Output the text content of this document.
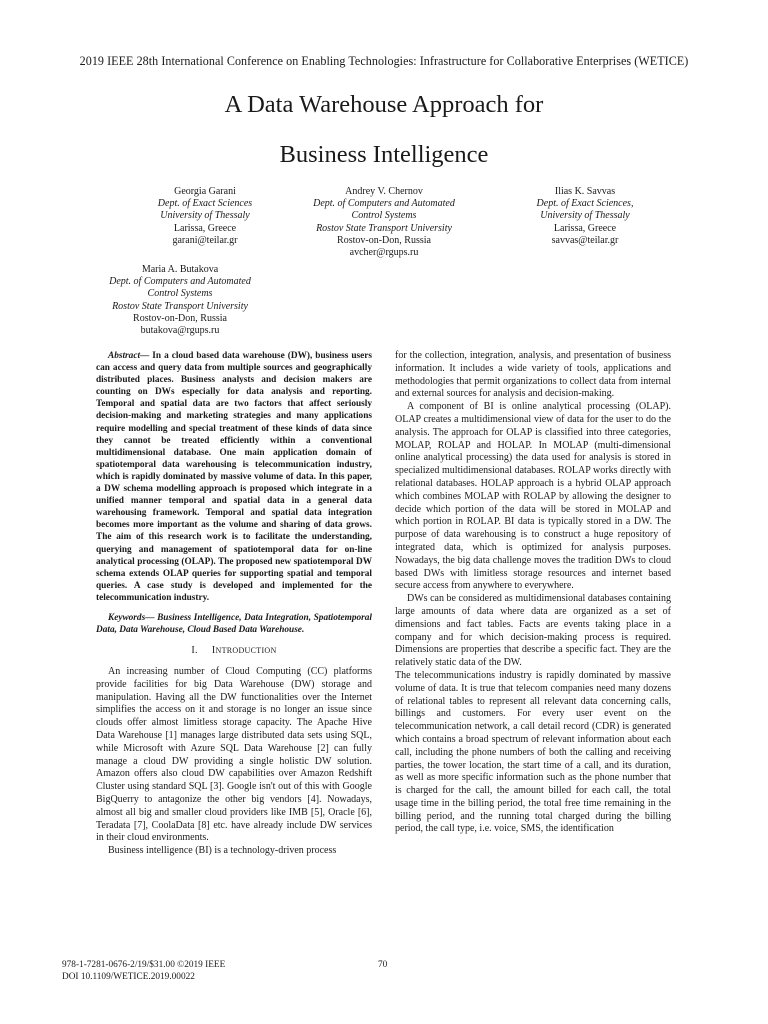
2019 IEEE 28th International Conference on Enabling Technologies: Infrastructure for Collaborative Enterprises (WETICE)
A Data Warehouse Approach for
Business Intelligence
Georgia Garani
Dept. of Exact Sciences
University of Thessaly
Larissa, Greece
garani@teilar.gr
Andrey V. Chernov
Dept. of Computers and Automated
Control Systems
Rostov State Transport University
Rostov-on-Don, Russia
avcher@rgups.ru
Ilias K. Savvas
Dept. of Exact Sciences,
University of Thessaly
Larissa, Greece
savvas@teilar.gr
Maria A. Butakova
Dept. of Computers and Automated
Control Systems
Rostov State Transport University
Rostov-on-Don, Russia
butakova@rgups.ru

Abstract— In a cloud based data warehouse (DW), business users can access and query data from multiple sources and geographically distributed places. Business analysts and decision makers are counting on DWs especially for data analysis and reporting. Temporal and spatial data are two factors that affect seriously decision-making and marketing strategies and many applications require modelling and special treatment of these kinds of data since they cannot be treated efficiently within a conventional multidimensional database. One main application domain of spatiotemporal data warehousing is telecommunication industry, which is rapidly dominated by massive volume of data. In this paper, a DW schema modelling approach is proposed which integrate in a unified manner temporal and spatial data in a general data warehousing framework. Temporal and spatial data integration becomes more important as the volume and sharing of data grows. The aim of this research work is to facilitate the understanding, querying and management of spatiotemporal data for on-line analytical processing (OLAP). The proposed new spatiotemporal DW schema extends OLAP queries for supporting spatial and temporal queries. A case study is developed and implemented for the telecommunication industry.

Keywords— Business Intelligence, Data Integration, Spatiotemporal Data, Data Warehouse, Cloud Based Data Warehouse.

I. INTRODUCTION

An increasing number of Cloud Computing (CC) platforms provide facilities for big Data Warehouse (DW) storage and manipulation. Having all the DW functionalities over the Internet simplifies the access on it and storage is no longer an issue since clouds offer almost limitless storage capacity. The Apache Hive Data Warehouse [1] manages large distributed data sets using SQL, while Microsoft with Azure SQL Data Warehouse [2] can fully manage a cloud DW providing a single holistic DW solution. Amazon offers also cloud DW capabilities over Amazon Redshift Cluster using standard SQL [3]. Google isn't out of this with Google BigQuerry to antagonize the other big vendors [4]. Nowadays, almost all big and smaller cloud providers like IMB [5], Oracle [6], Teradata [7], CoolaData [8] etc. have already include DW services in their cloud environments.

Business intelligence (BI) is a technology-driven process

for the collection, integration, analysis, and presentation of business information. It includes a wide variety of tools, applications and methodologies that permit organizations to collect data from internal and external sources for analysis and decision-making.

A component of BI is online analytical processing (OLAP). OLAP creates a multidimensional view of data for the user to do the analysis. The approach for OLAP is classified into three categories, MOLAP, ROLAP and HOLAP. In MOLAP (multi-dimensional online analytical processing) the data used for analysis is stored in specialized multidimensional databases. ROLAP works directly with relational databases. HOLAP approach is a hybrid OLAP approach which combines MOLAP with ROLAP by allowing the designer to decide which portion of the data will be stored in MOLAP and which portion in ROLAP. BI data is typically stored in a DW. The purpose of data warehousing is to construct a huge repository of integrated data, which is optimized for analysis purposes. Nowadays, the big data challenge moves the tradition DWs to cloud based DWs with limitless storage resources and internet based secure access from anywhere to everywhere.

DWs can be considered as multidimensional databases containing large amounts of data where data are organized as a set of dimensions and fact tables. Facts are events taking place in a company and for which decision-making process is required. Dimensions are properties that describe a specific fact. They are the relatively static data of the DW.

The telecommunications industry is rapidly dominated by massive volume of data. It is true that telecom companies need many dozens of relational tables to represent all relevant data concerning calls, billings and customers. For every user event on the telecommunication network, a call detail record (CDR) is generated which contains a broad spectrum of relevant information about each call, including the phone numbers of both the calling and receiving parties, the tower location, the start time of a call, and its duration, as well as more specific information such as the phone number that is charged for the call, the amount billed for each call, the total usage time in the billing period, the total free time remaining in the billing period, and the running total charged during the billing period, the call type, i.e. voice, SMS, the identification

978-1-7281-0676-2/19/$31.00 ©2019 IEEE
DOI 10.1109/WETICE.2019.00022
70
